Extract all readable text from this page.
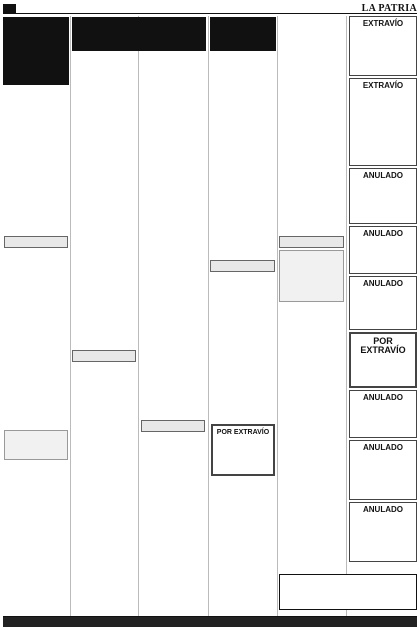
LA PATRIA
EXTRAVÍO
EXTRAVÍO
ANULADO
ANULADO
ANULADO
POR EXTRAVÍO
POR EXTRAVÍO
ANULADO
ANULADO
ANULADO
